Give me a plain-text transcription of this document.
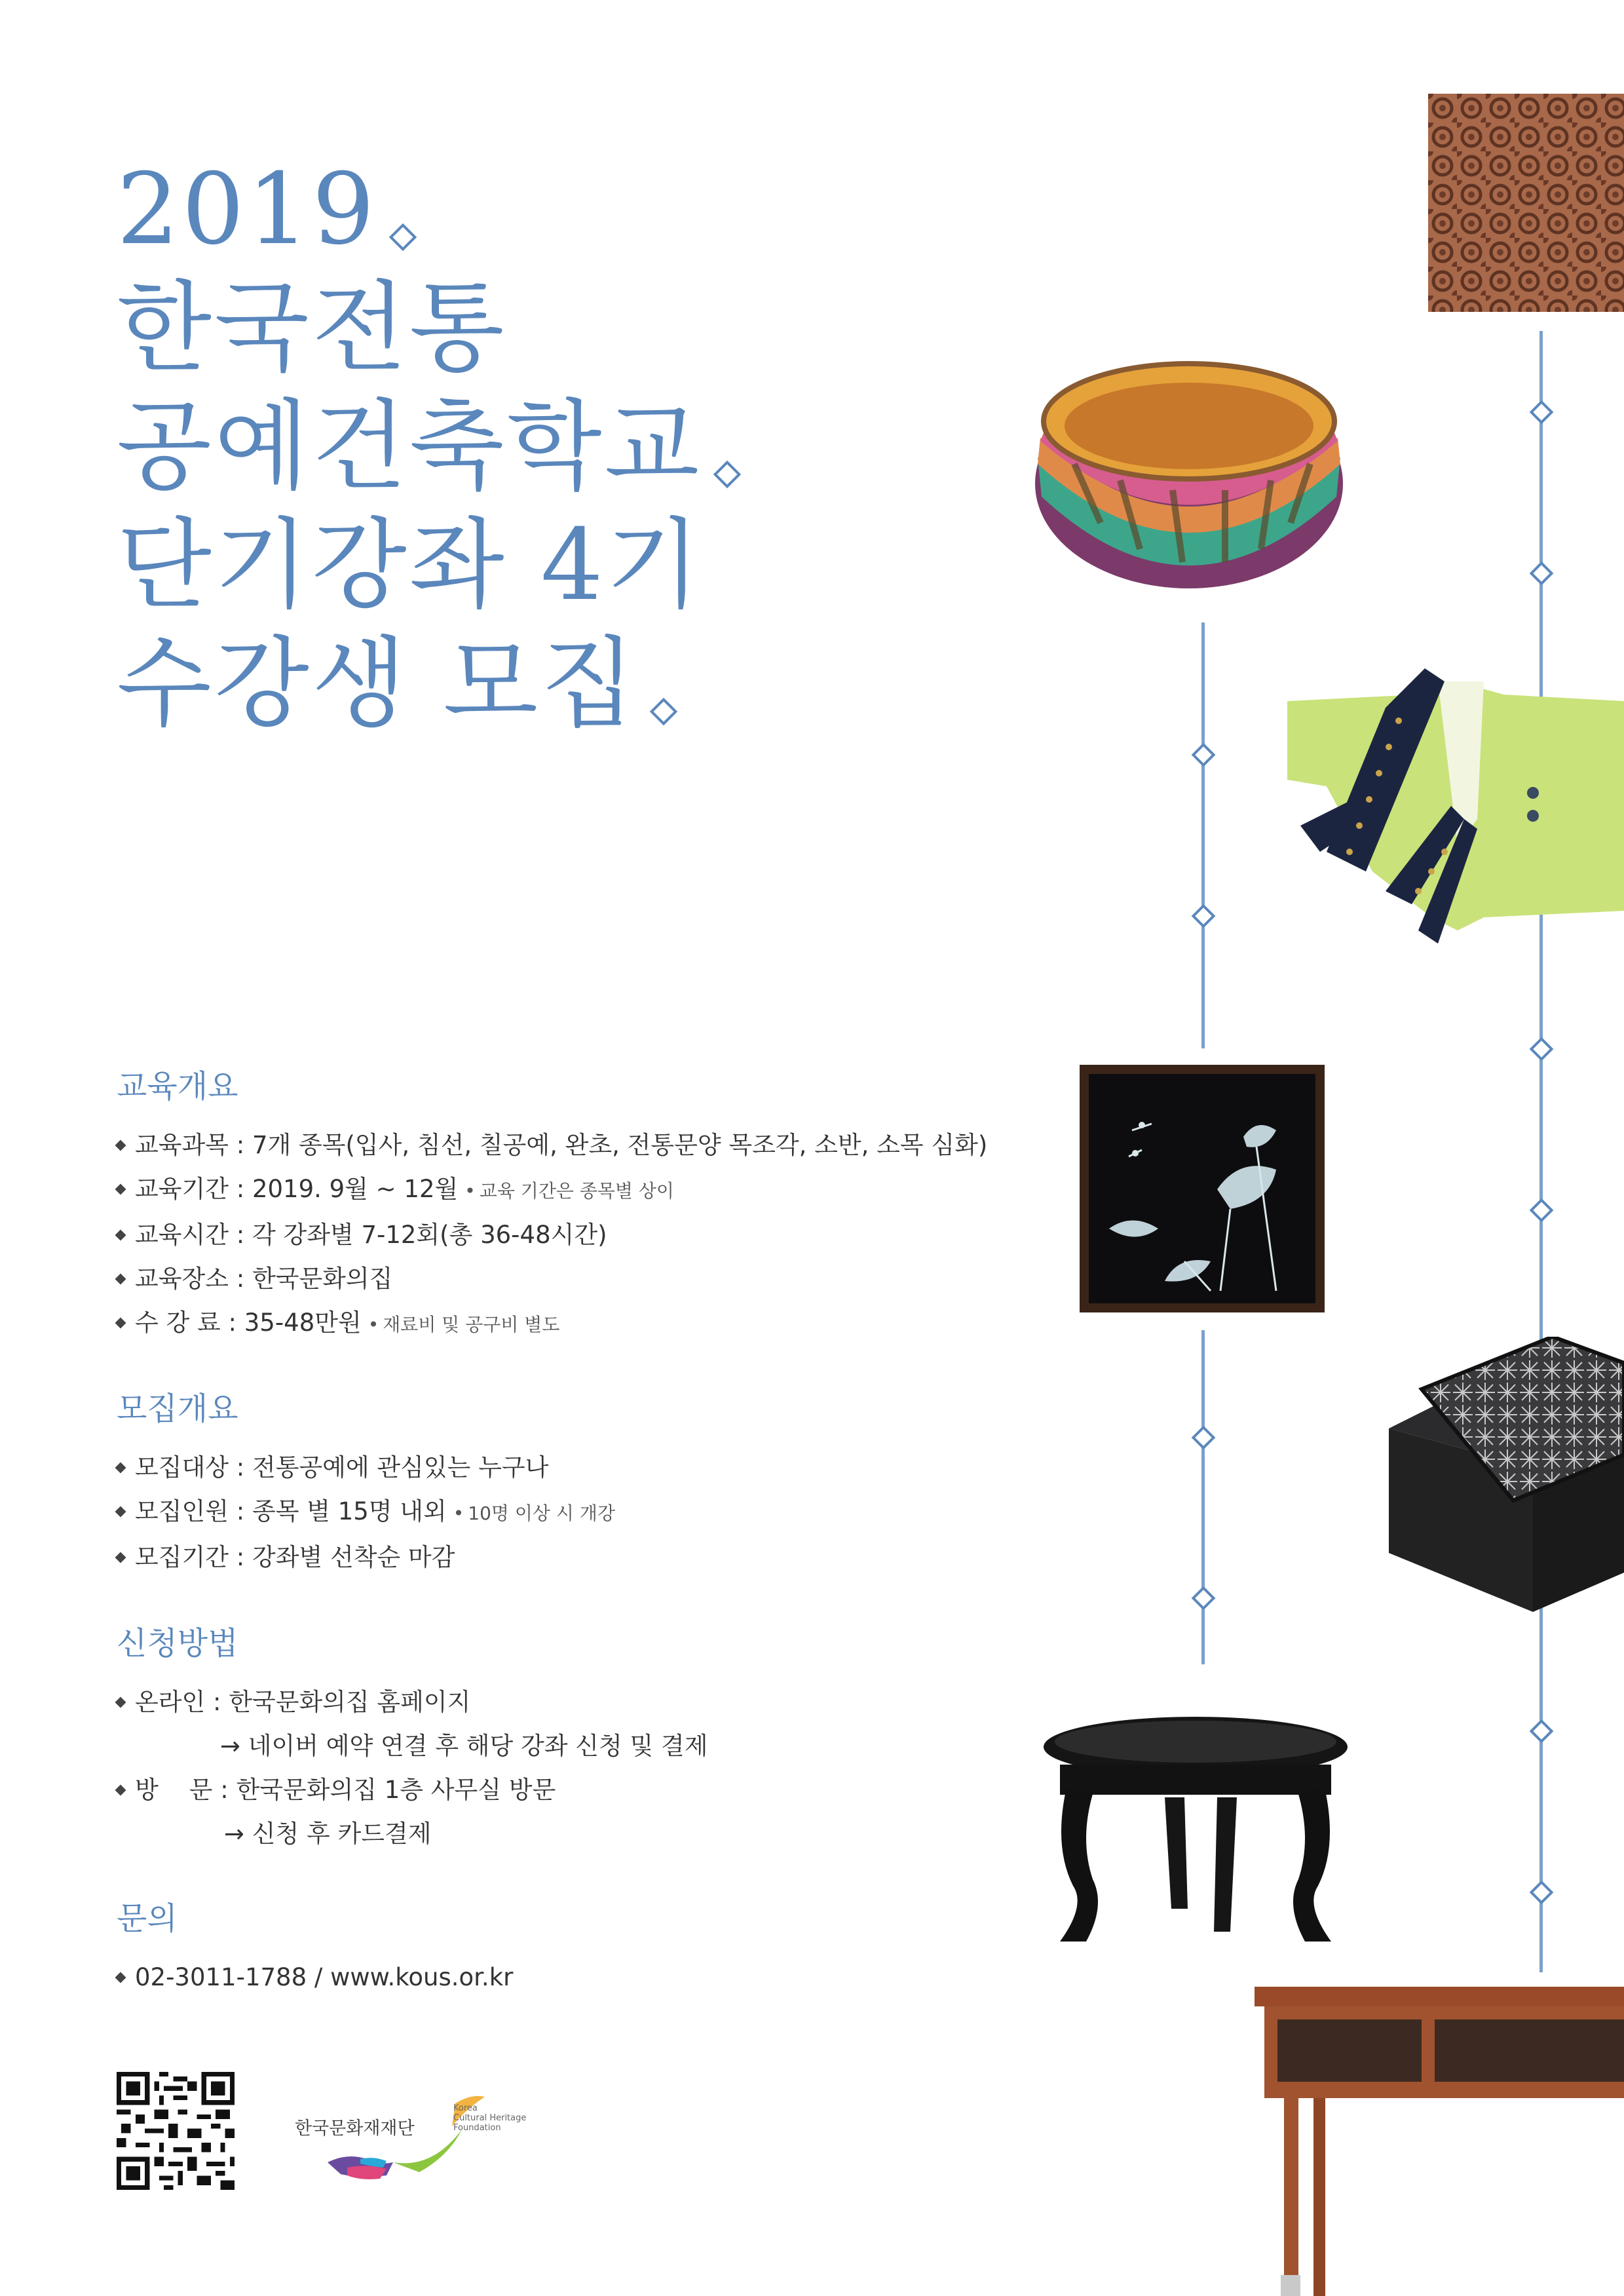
2019
한국전통
공예건축학교
단기강좌 4기
수강생 모집
교육개요
교육과목 : 7개 종목(입사, 침선, 칠공예, 완초, 전통문양 목조각, 소반, 소목 심화)
교육기간 : 2019. 9월 ~ 12월 • 교육 기간은 종목별 상이
교육시간 : 각 강좌별 7-12회(총 36-48시간)
교육장소 : 한국문화의집
수 강 료 : 35-48만원 • 재료비 및 공구비 별도
모집개요
모집대상 : 전통공예에 관심있는 누구나
모집인원 : 종목 별 15명 내외 • 10명 이상 시 개강
모집기간 : 강좌별 선착순 마감
신청방법
온라인 : 한국문화의집 홈페이지
→ 네이버 예약 연결 후 해당 강좌 신청 및 결제
방    문 : 한국문화의집 1층 사무실 방문
→ 신청 후 카드결제
문의
02-3011-1788 / www.kous.or.kr
한국문화재재단
Korea
Cultural Heritage
Foundation
